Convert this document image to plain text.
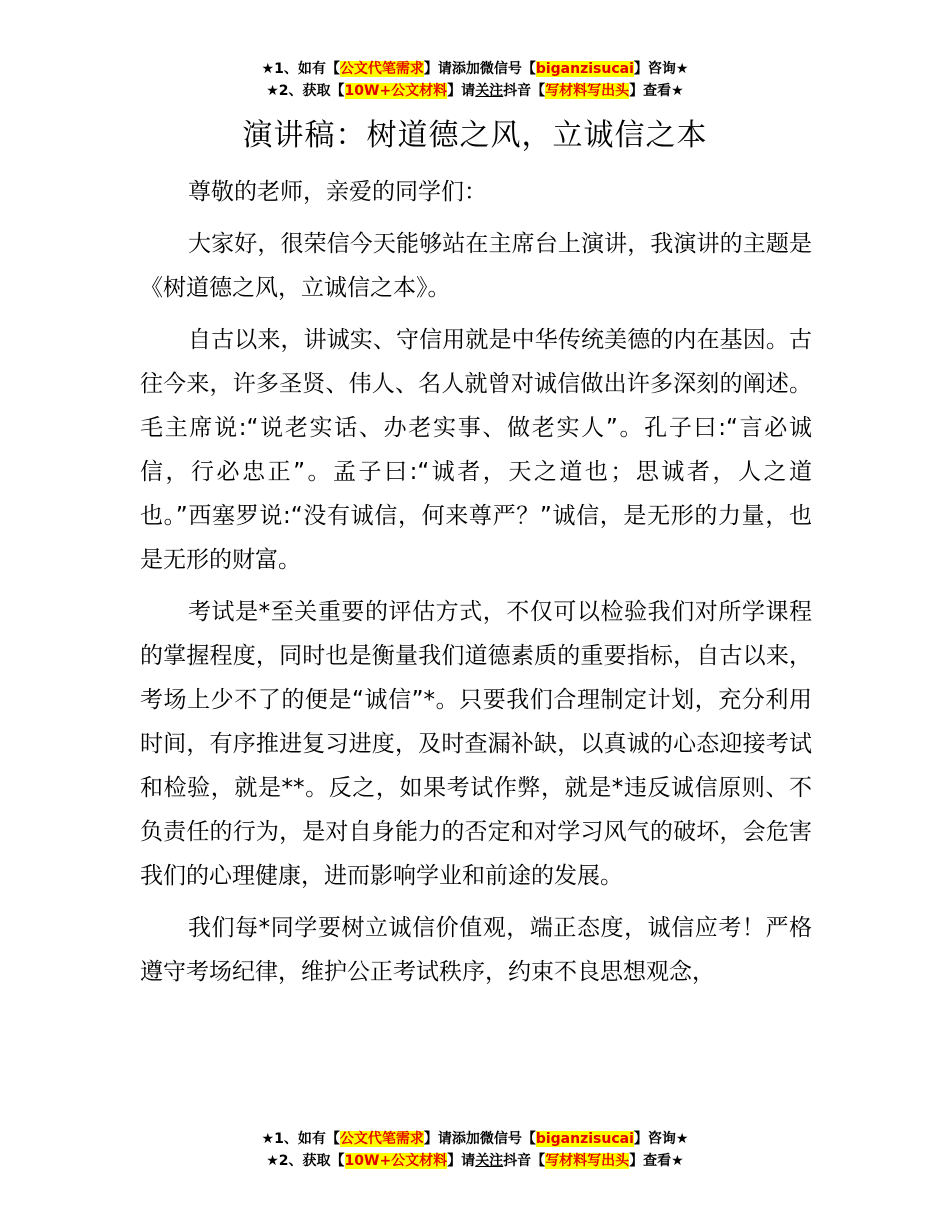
★1、如有【公文代笔需求】请添加微信号【biganzisucai】咨询★
★2、获取【10W+公文材料】请关注抖音【写材料写出头】查看★
演讲稿：树道德之风，立诚信之本

尊敬的老师，亲爱的同学们：

大家好，很荣信今天能够站在主席台上演讲，我演讲的主题是《树道德之风，立诚信之本》。

自古以来，讲诚实、守信用就是中华传统美德的内在基因。古往今来，许多圣贤、伟人、名人就曾对诚信做出许多深刻的阐述。毛主席说:“说老实话、办老实事、做老实人”。孔子曰:“言必诚信，行必忠正”。孟子曰:“诚者，天之道也；思诚者，人之道也。”西塞罗说:“没有诚信，何来尊严？”诚信，是无形的力量，也是无形的财富。

考试是*至关重要的评估方式，不仅可以检验我们对所学课程的掌握程度，同时也是衡量我们道德素质的重要指标，自古以来，考场上少不了的便是“诚信”*。只要我们合理制定计划，充分利用时间，有序推进复习进度，及时查漏补缺，以真诚的心态迎接考试和检验，就是**。反之，如果考试作弊，就是*违反诚信原则、不负责任的行为，是对自身能力的否定和对学习风气的破坏，会危害我们的心理健康，进而影响学业和前途的发展。

我们每*同学要树立诚信价值观，端正态度，诚信应考！严格遵守考场纪律，维护公正考试秩序，约束不良思想观念，

★1、如有【公文代笔需求】请添加微信号【biganzisucai】咨询★
★2、获取【10W+公文材料】请关注抖音【写材料写出头】查看★
